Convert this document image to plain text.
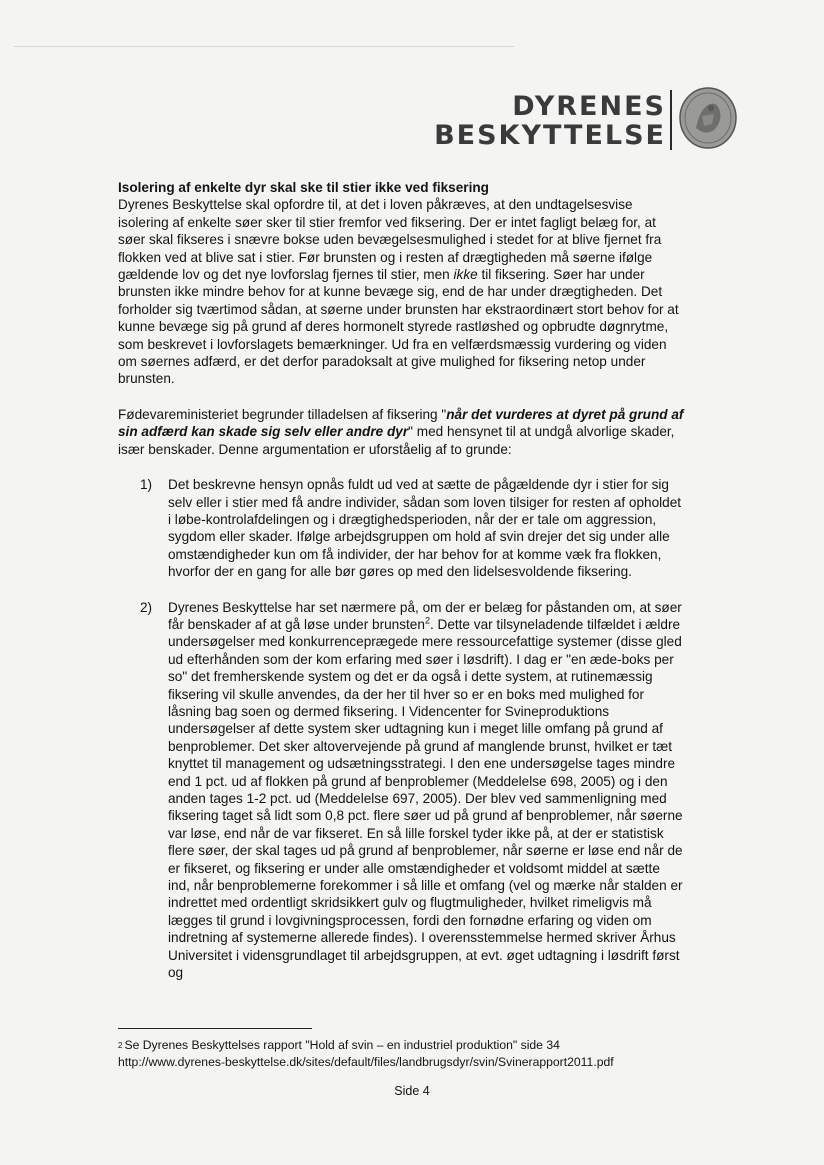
DYRENES
BESKYTTELSE

Isolering af enkelte dyr skal ske til stier ikke ved fiksering

Dyrenes Beskyttelse skal opfordre til, at det i loven påkræves, at den undtagelsesvise isolering af enkelte søer sker til stier fremfor ved fiksering. Der er intet fagligt belæg for, at søer skal fikseres i snævre bokse uden bevægelsesmulighed i stedet for at blive fjernet fra flokken ved at blive sat i stier. Før brunsten og i resten af drægtigheden må søerne ifølge gældende lov og det nye lovforslag fjernes til stier, men ikke til fiksering. Søer har under brunsten ikke mindre behov for at kunne bevæge sig, end de har under drægtigheden. Det forholder sig tværtimod sådan, at søerne under brunsten har ekstraordinært stort behov for at kunne bevæge sig på grund af deres hormonelt styrede rastløshed og opbrudte døgnrytme, som beskrevet i lovforslagets bemærkninger. Ud fra en velfærdsmæssig vurdering og viden om søernes adfærd, er det derfor paradoksalt at give mulighed for fiksering netop under brunsten.

Fødevareministeriet begrunder tilladelsen af fiksering "når det vurderes at dyret på grund af sin adfærd kan skade sig selv eller andre dyr" med hensynet til at undgå alvorlige skader, især benskader. Denne argumentation er uforståelig af to grunde:

1) Det beskrevne hensyn opnås fuldt ud ved at sætte de pågældende dyr i stier for sig selv eller i stier med få andre individer, sådan som loven tilsiger for resten af opholdet i løbe-kontrolafdelingen og i drægtighedsperioden, når der er tale om aggression, sygdom eller skader. Ifølge arbejdsgruppen om hold af svin drejer det sig under alle omstændigheder kun om få individer, der har behov for at komme væk fra flokken, hvorfor der en gang for alle bør gøres op med den lidelsesvoldende fiksering.
2) Dyrenes Beskyttelse har set nærmere på, om der er belæg for påstanden om, at søer får benskader af at gå løse under brunsten$^2$. Dette var tilsyneladende tilfældet i ældre undersøgelser med konkurrenceprægede mere ressourcefattige systemer (disse gled ud efterhånden som der kom erfaring med søer i løsdrift). I dag er "en æde-boks per so" det fremherskende system og det er da også i dette system, at rutinemæssig fiksering vil skulle anvendes, da der her til hver so er en boks med mulighed for låsning bag soen og dermed fiksering. I Videncenter for Svineproduktions undersøgelser af dette system sker udtagning kun i meget lille omfang på grund af benproblemer. Det sker altovervejende på grund af manglende brunst, hvilket er tæt knyttet til management og udsætningsstrategi. I den ene undersøgelse tages mindre end 1 pct. ud af flokken på grund af benproblemer (Meddelelse 698, 2005) og i den anden tages 1-2 pct. ud (Meddelelse 697, 2005). Der blev ved sammenligning med fiksering taget så lidt som 0,8 pct. flere søer ud på grund af benproblemer, når søerne var løse, end når de var fikseret. En så lille forskel tyder ikke på, at der er statistisk flere søer, der skal tages ud på grund af benproblemer, når søerne er løse end når de er fikseret, og fiksering er under alle omstændigheder et voldsomt middel at sætte ind, når benproblemerne forekommer i så lille et omfang (vel og mærke når stalden er indrettet med ordentligt skridsikkert gulv og flugtmuligheder, hvilket rimeligvis må lægges til grund i lovgivningsprocessen, fordi den fornødne erfaring og viden om indretning af systemerne allerede findes). I overensstemmelse hermed skriver Århus Universitet i vidensgrundlaget til arbejdsgruppen, at evt. øget udtagning i løsdrift først og
$^2$ Se Dyrenes Beskyttelses rapport "Hold af svin – en industriel produktion" side 34
http://www.dyrenes-beskyttelse.dk/sites/default/files/landbrugsdyr/svin/Svinerapport2011.pdf
Side 4
